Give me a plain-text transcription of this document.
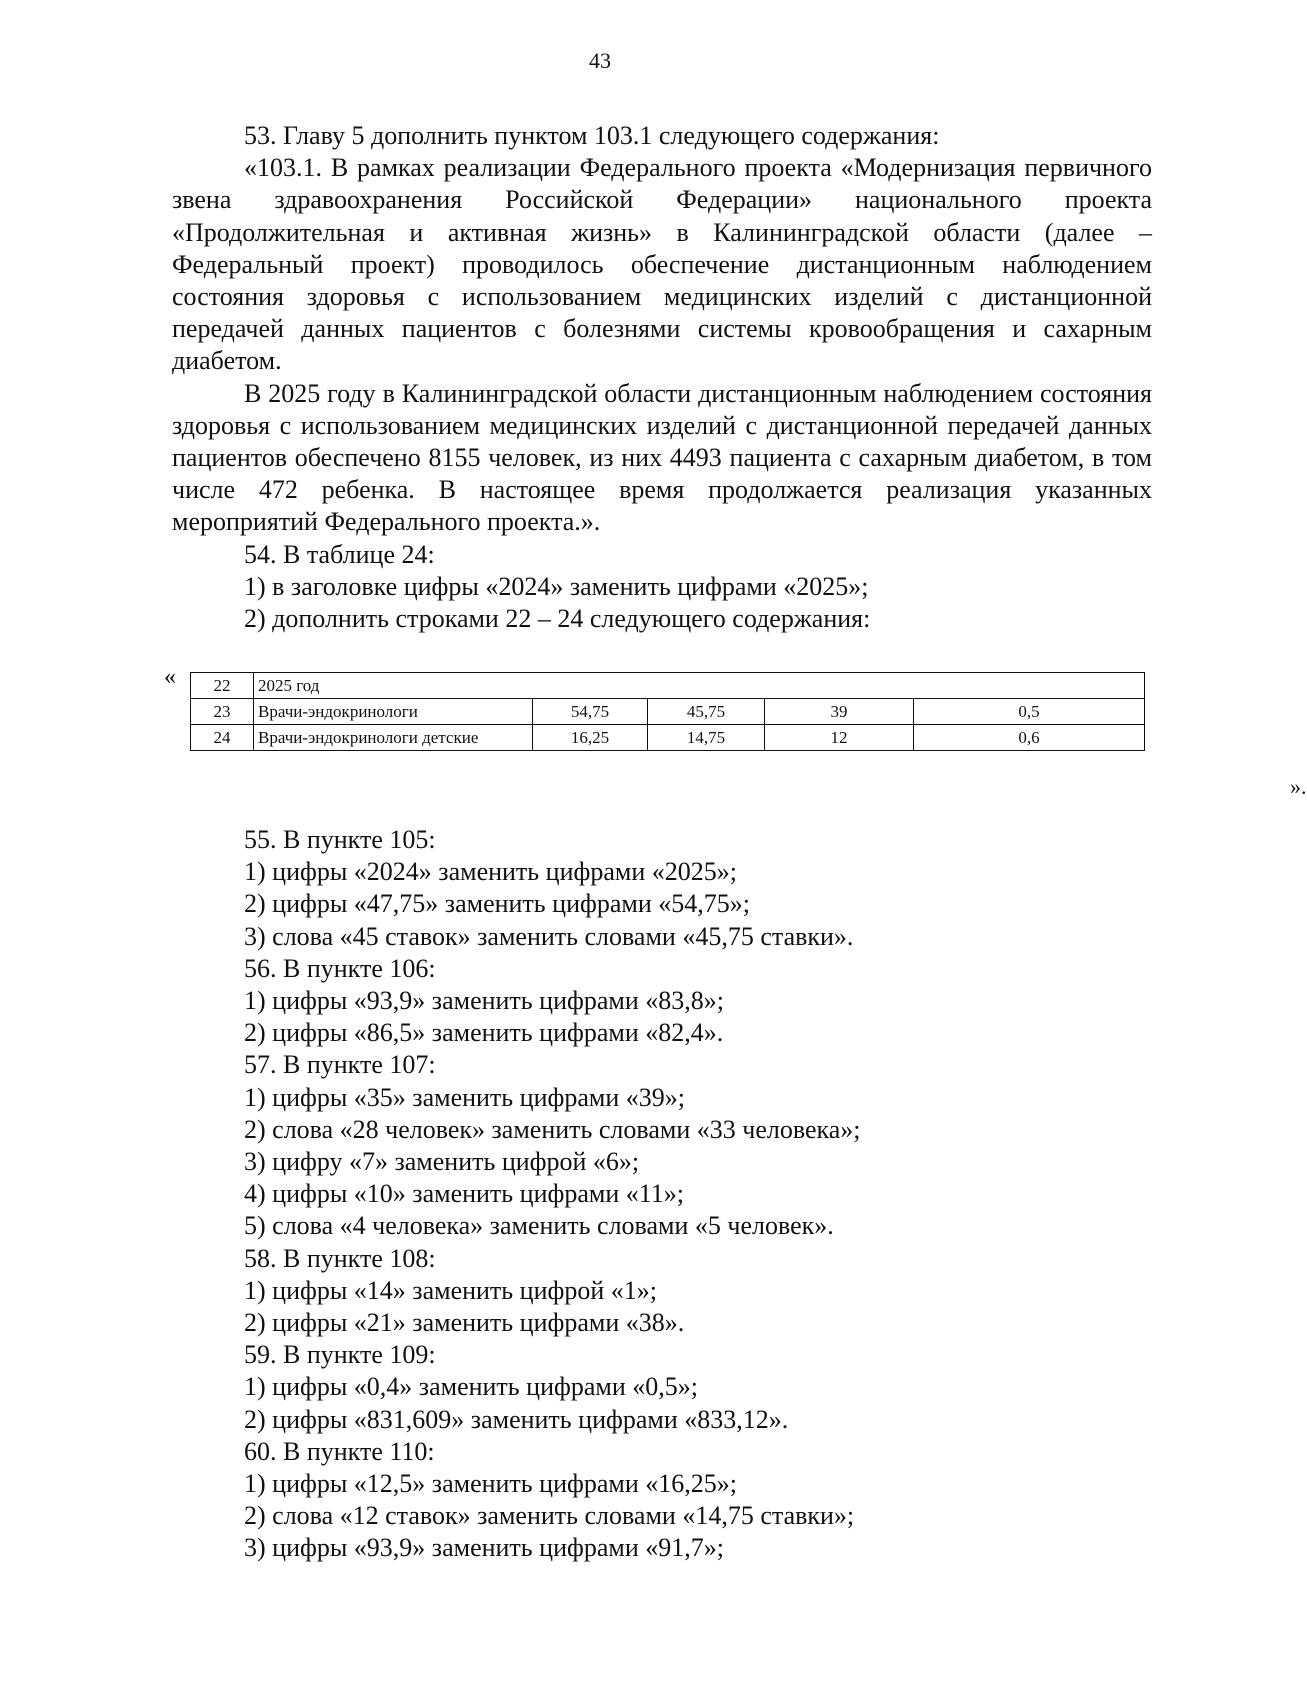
43

53. Главу 5 дополнить пунктом 103.1 следующего содержания:

«103.1. В рамках реализации Федерального проекта «Модернизация первичного звена здравоохранения Российской Федерации» национального проекта «Продолжительная и активная жизнь» в Калининградской области (далее – Федеральный проект) проводилось обеспечение дистанционным наблюдением состояния здоровья с использованием медицинских изделий с дистанционной передачей данных пациентов с болезнями системы кровообращения и сахарным диабетом.

В 2025 году в Калининградской области дистанционным наблюдением состояния здоровья с использованием медицинских изделий с дистанционной передачей данных пациентов обеспечено 8155 человек, из них 4493 пациента с сахарным диабетом, в том числе 472 ребенка. В настоящее время продолжается реализация указанных мероприятий Федерального проекта.».

54. В таблице 24:

1) в заголовке цифры «2024» заменить цифрами «2025»;

2) дополнить строками 22 – 24 следующего содержания:

« 22	2025 год				
23	Врачи-эндокринологи	54,75	45,75	39	0,5
24	Врачи-эндокринологи детские	16,25	14,75	12	0,6
».

55. В пункте 105:

1) цифры «2024» заменить цифрами «2025»;

2) цифры «47,75» заменить цифрами «54,75»;

3) слова «45 ставок» заменить словами «45,75 ставки».

56. В пункте 106:

1) цифры «93,9» заменить цифрами «83,8»;

2) цифры «86,5» заменить цифрами «82,4».

57. В пункте 107:

1) цифры «35» заменить цифрами «39»;

2) слова «28 человек» заменить словами «33 человека»;

3) цифру «7» заменить цифрой «6»;

4) цифры «10» заменить цифрами «11»;

5) слова «4 человека» заменить словами «5 человек».

58. В пункте 108:

1) цифры «14» заменить цифрой «1»;

2) цифры «21» заменить цифрами «38».

59. В пункте 109:

1) цифры «0,4» заменить цифрами «0,5»;

2) цифры «831,609» заменить цифрами «833,12».

60. В пункте 110:

1) цифры «12,5» заменить цифрами «16,25»;

2) слова «12 ставок» заменить словами «14,75 ставки»;

3) цифры «93,9» заменить цифрами «91,7»;
